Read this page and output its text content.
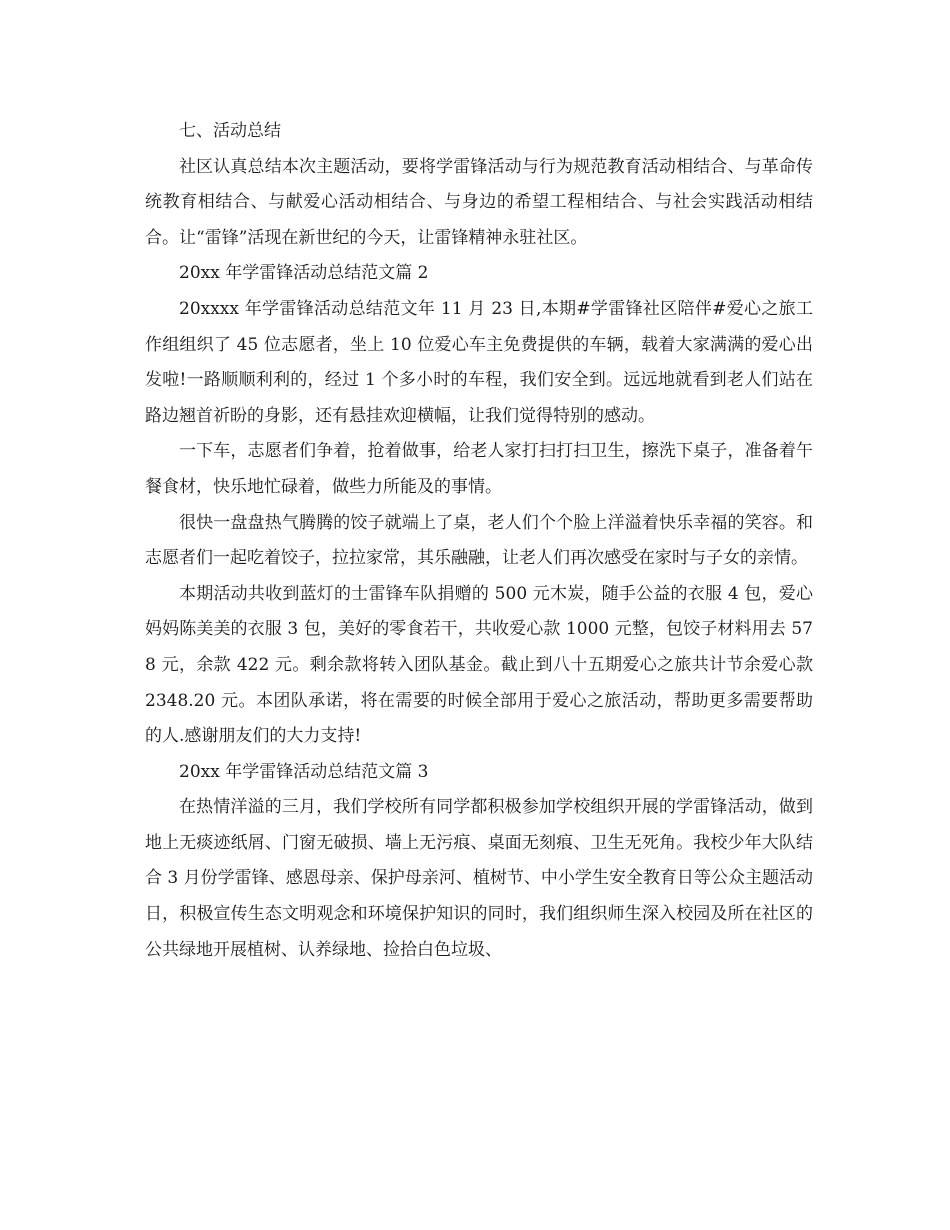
七、活动总结

社区认真总结本次主题活动，要将学雷锋活动与行为规范教育活动相结合、与革命传统教育相结合、与献爱心活动相结合、与身边的希望工程相结合、与社会实践活动相结合。让“雷锋”活现在新世纪的今天，让雷锋精神永驻社区。

20xx 年学雷锋活动总结范文篇 2

20xxxx 年学雷锋活动总结范文年 11 月 23 日,本期#学雷锋社区陪伴#爱心之旅工作组组织了 45 位志愿者，坐上 10 位爱心车主免费提供的车辆，载着大家满满的爱心出发啦!一路顺顺利利的，经过 1 个多小时的车程，我们安全到。远远地就看到老人们站在路边翘首祈盼的身影，还有悬挂欢迎横幅，让我们觉得特别的感动。

一下车，志愿者们争着，抢着做事，给老人家打扫打扫卫生，擦洗下桌子，准备着午餐食材，快乐地忙碌着，做些力所能及的事情。

很快一盘盘热气腾腾的饺子就端上了桌，老人们个个脸上洋溢着快乐幸福的笑容。和志愿者们一起吃着饺子，拉拉家常，其乐融融，让老人们再次感受在家时与子女的亲情。

本期活动共收到蓝灯的士雷锋车队捐赠的 500 元木炭，随手公益的衣服 4 包，爱心妈妈陈美美的衣服 3 包，美好的零食若干，共收爱心款 1000 元整，包饺子材料用去 578 元，余款 422 元。剩余款将转入团队基金。截止到八十五期爱心之旅共计节余爱心款 2348.20 元。本团队承诺，将在需要的时候全部用于爱心之旅活动，帮助更多需要帮助的人.感谢朋友们的大力支持!

20xx 年学雷锋活动总结范文篇 3

在热情洋溢的三月，我们学校所有同学都积极参加学校组织开展的学雷锋活动，做到地上无痰迹纸屑、门窗无破损、墙上无污痕、桌面无刻痕、卫生无死角。我校少年大队结合 3 月份学雷锋、感恩母亲、保护母亲河、植树节、中小学生安全教育日等公众主题活动日，积极宣传生态文明观念和环境保护知识的同时，我们组织师生深入校园及所在社区的公共绿地开展植树、认养绿地、捡拾白色垃圾、
